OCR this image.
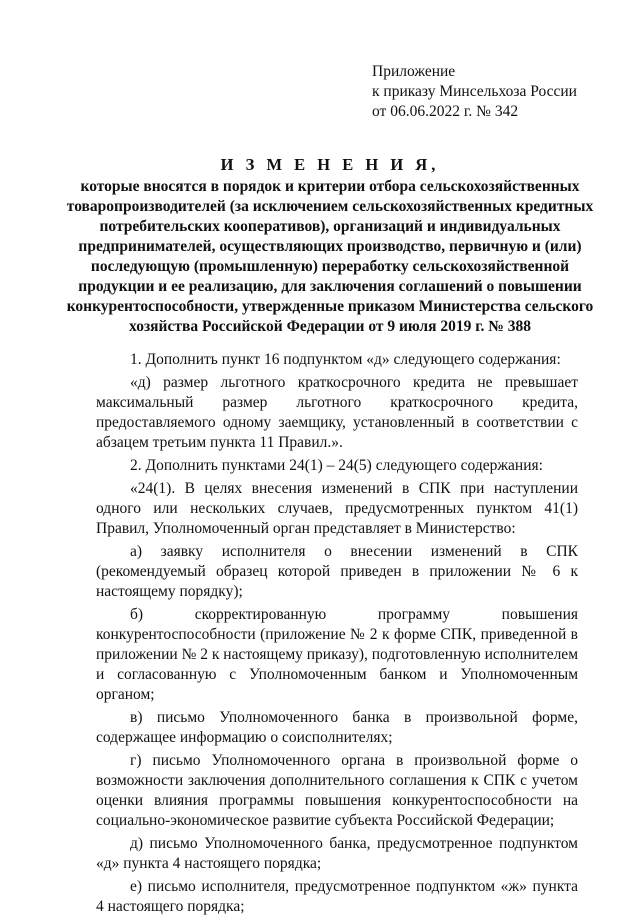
Приложение
к приказу Минсельхоза России
от 06.06.2022 г. № 342
И З М Е Н Е Н И Я,
которые вносятся в порядок и критерии отбора сельскохозяйственных товаропроизводителей (за исключением сельскохозяйственных кредитных потребительских кооперативов), организаций и индивидуальных предпринимателей, осуществляющих производство, первичную и (или) последующую (промышленную) переработку сельскохозяйственной продукции и ее реализацию, для заключения соглашений о повышении конкурентоспособности, утвержденные приказом Министерства сельского хозяйства Российской Федерации от 9 июля 2019 г. № 388

1. Дополнить пункт 16 подпунктом «д» следующего содержания:

«д) размер льготного краткосрочного кредита не превышает максимальный размер льготного краткосрочного кредита, предоставляемого одному заемщику, установленный в соответствии с абзацем третьим пункта 11 Правил.».

2. Дополнить пунктами 24(1) – 24(5) следующего содержания:

«24(1). В целях внесения изменений в СПК при наступлении одного или нескольких случаев, предусмотренных пунктом 41(1) Правил, Уполномоченный орган представляет в Министерство:

а) заявку исполнителя о внесении изменений в СПК (рекомендуемый образец которой приведен в приложении № 6 к настоящему порядку);

б) скорректированную программу повышения конкурентоспособности (приложение № 2 к форме СПК, приведенной в приложении № 2 к настоящему приказу), подготовленную исполнителем и согласованную с Уполномоченным банком и Уполномоченным органом;

в) письмо Уполномоченного банка в произвольной форме, содержащее информацию о соисполнителях;

г) письмо Уполномоченного органа в произвольной форме о возможности заключения дополнительного соглашения к СПК с учетом оценки влияния программы повышения конкурентоспособности на социально-экономическое развитие субъекта Российской Федерации;

д) письмо Уполномоченного банка, предусмотренное подпунктом «д» пункта 4 настоящего порядка;

е) письмо исполнителя, предусмотренное подпунктом «ж» пункта 4 настоящего порядка;
